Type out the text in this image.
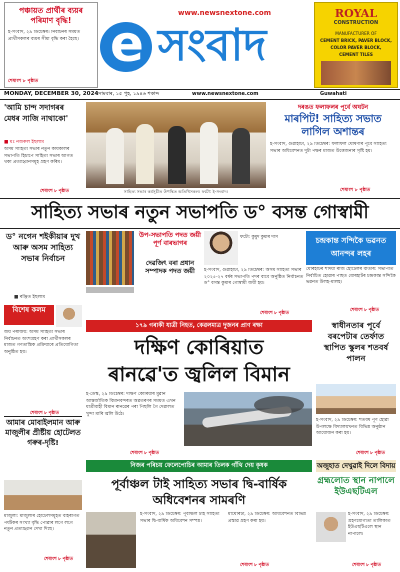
পঞ্চায়ত প্ৰাৰ্থীৰ ব্যয়ৰ পৰিমাণ বৃদ্ধি!
ই-সংবাদ, ২৯ ডিচেম্বৰ। নিৰ্বাচনৰ সময়ত প্ৰাৰ্থীসকলৰ ব্যয়ৰ সীমা বৃদ্ধি কৰা হৈছে।
শেষাংশ ৮ পৃষ্ঠাত
e সংবাদ
www.newsnextone.com	ROYAL
CONSTRUCTION
MANUFACTURER OF
CEMENT BRICK, PAVER BLOCK,
COLOR PAVER BLOCK,
CEMENT TILES
MONDAY, DECEMBER 30, 2024
সোমবাৰ, ১৫ পুহ, ১৯৪৬ শকাব্দ	www.newsnextone.com	Guwahati
'আমি চান্দ সদাগৰৰ মেধৰ সাজি নাথাকো'
■ মঃ নজৰুল ইছলাম
অসম সাহিত্য সভাৰ নতুন কাৰ্যকালৰ সভাপতি হিচাপে সাহিত্য সভাৰ আগত থকা প্ৰত্যাহ্বানসমূহ গ্ৰহণ কৰিম।
শেষাংশ ৮ পৃষ্ঠাত	সাহিত্য সভাৰ কৰ্মসূচীত উপস্থিত অতিথিসকল। ফটো: ই-সংবাদ।
দৰঙত ফলাফলৰ পূৰ্বে অঘটন
মাৰপিট! সাহিত্য সভাত লাগিল অশান্তৰ
ই-সংবাদ, গুৱাহাটী, ২৯ ডিচেম্বৰ: ফলাফল ঘোষণাৰ পূৰ্বে সাহিত্য সভাৰ অধিবেশনত দুটা পক্ষৰ মাজত উত্তেজনাৰ সৃষ্টি হয়।
শেষাংশ ৮ পৃষ্ঠাত
সাহিত্য সভাৰ নতুন সভাপতি ড° বসন্ত গোস্বামী
ড° নগেন শইকীয়াৰ দুখ আৰু অসম সাহিত্য সভাৰ নিৰ্বাচন
■ ৰঞ্জিত ইছলাম
উপ-সভাপতি পদত জয়ী পূৰ্ণ বাৰভাগৰ
দেৱজিৎ বৰা প্ৰধান সম্পাদক পদত জয়ী
ফটো: কুমুদ কুমাৰ দাস
ই-সংবাদ, গুৱাহাটী, ২৯ ডিচেম্বৰ: অসম সাহিত্য সভাৰ ২০২৫-২৭ বৰ্ষৰ সভাপতি পদৰ বাবে অনুষ্ঠিত নিৰ্বাচনত ড° বসন্ত কুমাৰ গোস্বামী জয়ী হয়।
শেষাংশ ৮ পৃষ্ঠাত
চন্দ্ৰকান্ত সন্দিকৈ ভৱনত আনন্দৰ লহৰ
যোৰহাটৰ শদিয়া ৰাজ হোটেলৰ বাতৰি: সভাপতি নিৰ্বাচিত হোৱাৰ পাছত যোৰহাটৰ চন্দ্ৰকান্ত সন্দিকৈ ভৱনত উলহ-মালহ।
শেষাংশ ৮ পৃষ্ঠাত
বিশেষ কলম
জয় পৰাজয়: অসম সাহিত্য সভাৰ নিৰ্বাচনত অংশগ্ৰহণ কৰা প্ৰাৰ্থীসকলৰ মাজত গণতান্ত্ৰিক প্ৰক্ৰিয়াৰে প্ৰতিযোগিতা অনুষ্ঠিত হয়।
শেষাংশ ৮ পৃষ্ঠাত
১৭৯ গৰাকী যাত্ৰী নিহত, কেৱলমাত্ৰ দুজনৰ প্ৰাণ ৰক্ষা
দক্ষিণ কোৰিয়াত
ৰানৱে'ত জ্বলিল বিমান
ই-ডেস্ক, ২৯ ডিচেম্বৰ: দক্ষিণ কোৰিয়াৰ মুৱান আন্তৰ্জাতিক বিমানবন্দৰত অৱতৰণৰ সময়ত এখন যাত্ৰীবাহী বিমান ৰানৱেৰ পৰা পিছলি গৈ দেৱালত খুন্দা মাৰি জ্বলি উঠে।
শেষাংশ ৮ পৃষ্ঠাত
স্বাধীনতাৰ পূৰ্বে বৰপেটাৰ তেৰ্ফাত স্থাপিত স্কুলৰ শতবৰ্ষ পালন
ই-সংবাদ, ২৯ ডিচেম্বৰ: শতবৰ্ষ পূৰ্ণ হোৱা উপলক্ষে বিদ্যালয়খনত বিভিন্ন অনুষ্ঠান আয়োজন কৰা হয়।
শেষাংশ ৮ পৃষ্ঠাত
আমাৰ মোবাইলমান আৰু মাজুলীৰ প্ৰীষ্টীয় হোটেলত গৰুৰ-দৃষ্টি!
মাজুলী: মাজুলীৰ হোটেলসমূহত বহিৰাগত পৰ্যটকৰ সংখ্যা বৃদ্ধি পোৱাৰ লগে লগে নতুন প্ৰত্যাহ্বান দেখা দিছে।
শেষাংশ ৮ পৃষ্ঠাত
নিজৰ পৰিচয় ফেলেপোচিৰ আমাৰ তিলক গাঁথি দেয় কৃষক	অজুহাত দেখুৱাই দিলে বিদায়
পূৰ্বাঞ্চল টাই সাহিত্য সভাৰ দ্বি-বাৰ্ষিক অধিবেশনৰ সামৰণি
ই-সংবাদ, ২৯ ডিচেম্বৰ: পূৰ্বাঞ্চল টাই সাহিত্য সভাৰ দ্বি-বাৰ্ষিক অধিবেশন সম্পন্ন।
মাৰ্ঘেৰিটা, ২৯ ডিচেম্বৰ: অধিবেশনত বিভিন্ন প্ৰস্তাৱ গ্ৰহণ কৰা হয়।
শেষাংশ ৮ পৃষ্ঠাত
গ্ৰহ্মলোত স্থান নাপালে ইউএছটিএল
ই-সংবাদ, ২৯ ডিচেম্বৰ: গ্ৰহণযোগ্যতা তালিকাত ইউএছটিএলে স্থান নাপালে।
শেষাংশ ৮ পৃষ্ঠাত
